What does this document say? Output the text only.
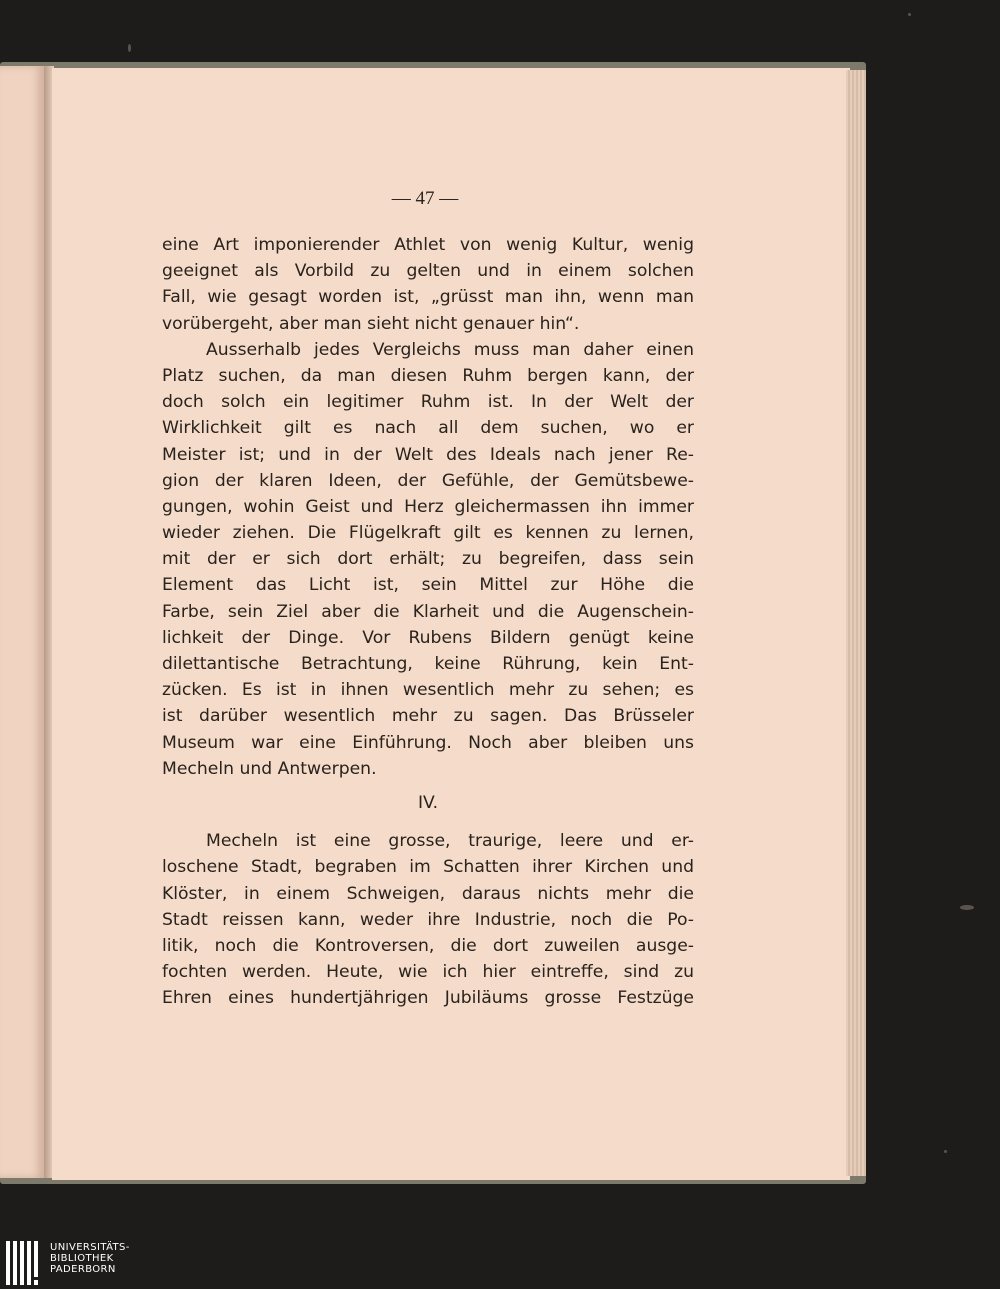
— 47 —
eine Art imponierender Athlet von wenig Kultur, wenig
geeignet als Vorbild zu gelten und in einem solchen
Fall, wie gesagt worden ist, „grüsst man ihn, wenn man
vorübergeht, aber man sieht nicht genauer hin“.
Ausserhalb jedes Vergleichs muss man daher einen
Platz suchen, da man diesen Ruhm bergen kann, der
doch solch ein legitimer Ruhm ist. In der Welt der
Wirklichkeit gilt es nach all dem suchen, wo er
Meister ist; und in der Welt des Ideals nach jener Re-
gion der klaren Ideen, der Gefühle, der Gemütsbewe-
gungen, wohin Geist und Herz gleichermassen ihn immer
wieder ziehen. Die Flügelkraft gilt es kennen zu lernen,
mit der er sich dort erhält; zu begreifen, dass sein
Element das Licht ist, sein Mittel zur Höhe die
Farbe, sein Ziel aber die Klarheit und die Augenschein-
lichkeit der Dinge. Vor Rubens Bildern genügt keine
dilettantische Betrachtung, keine Rührung, kein Ent-
zücken. Es ist in ihnen wesentlich mehr zu sehen; es
ist darüber wesentlich mehr zu sagen. Das Brüsseler
Museum war eine Einführung. Noch aber bleiben uns
Mecheln und Antwerpen.
IV.
Mecheln ist eine grosse, traurige, leere und er-
loschene Stadt, begraben im Schatten ihrer Kirchen und
Klöster, in einem Schweigen, daraus nichts mehr die
Stadt reissen kann, weder ihre Industrie, noch die Po-
litik, noch die Kontroversen, die dort zuweilen ausge-
fochten werden. Heute, wie ich hier eintreffe, sind zu
Ehren eines hundertjährigen Jubiläums grosse Festzüge
UNIVERSITÄTS-
BIBLIOTHEK
PADERBORN
